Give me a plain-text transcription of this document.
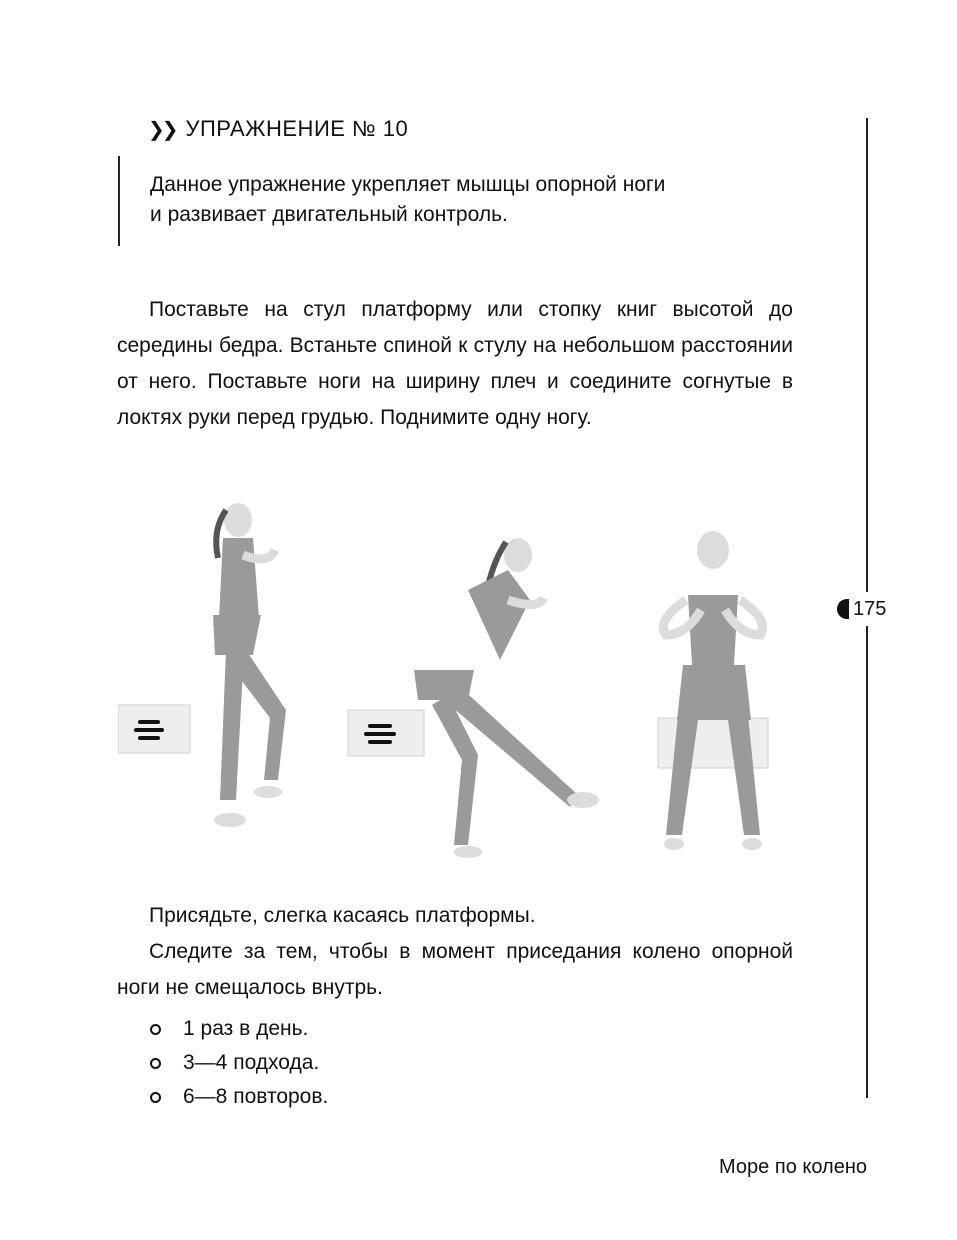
❯❯ УПРАЖНЕНИЕ № 10

Данное упражнение укрепляет мышцы опорной ноги

и развивает двигательный контроль.

Поставьте на стул платформу или стопку книг высотой до середины бедра. Встаньте спиной к стулу на небольшом расстоянии от него. Поставьте ноги на ширину плеч и соедините согнутые в локтях руки перед грудью. Поднимите одну ногу.

175

Присядьте, слегка касаясь платформы.

Следите за тем, чтобы в момент приседания колено опорной ноги не смещалось внутрь.

1 раз в день.
3—4 подхода.
6—8 повторов.
Море по колено
